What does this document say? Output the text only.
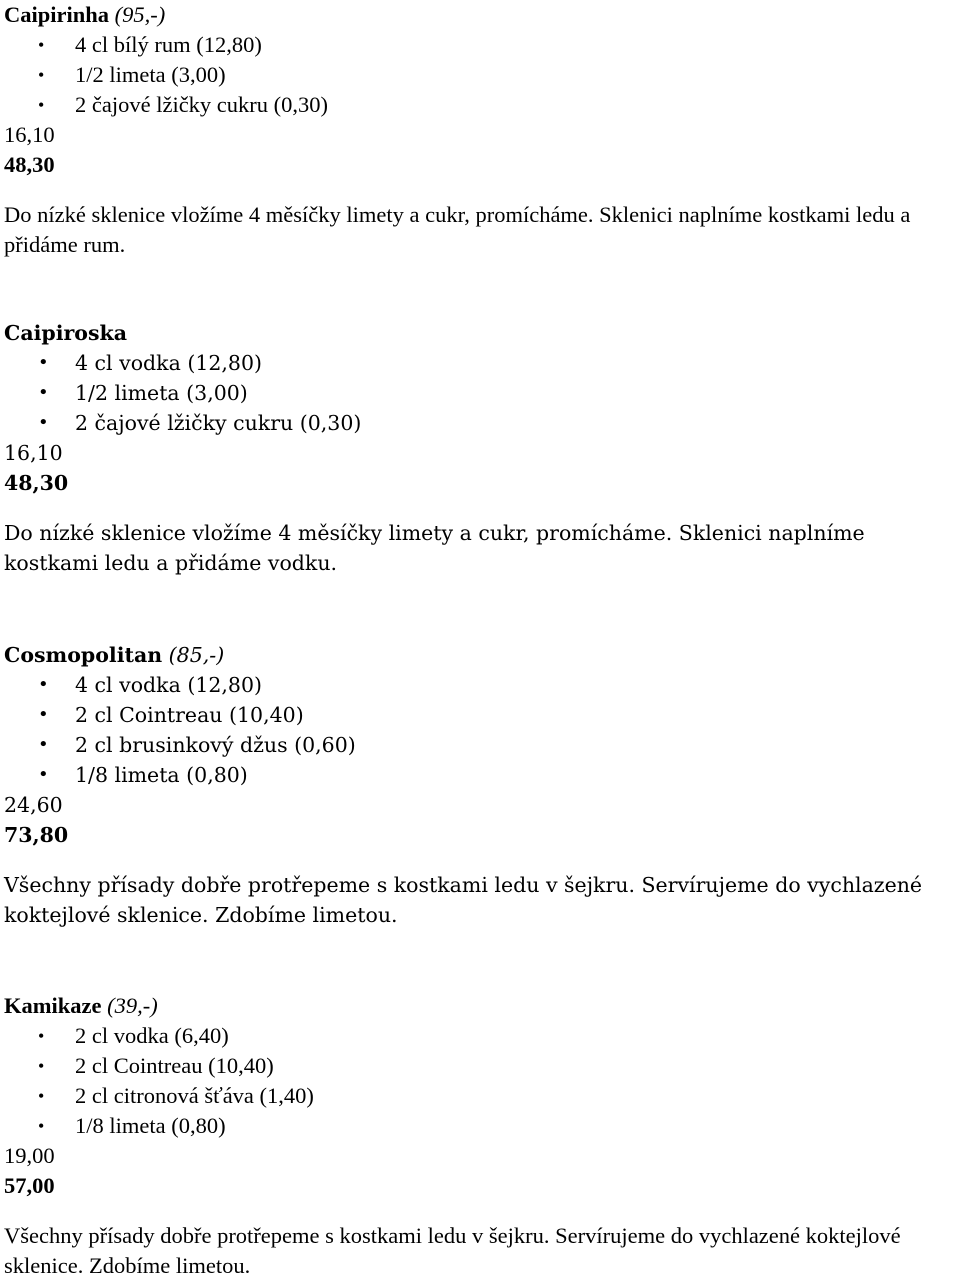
Caipirinha (95,-)
• 4 cl bílý rum (12,80)
• 1/2 limeta (3,00)
• 2 čajové lžičky cukru (0,30)
16,10
48,30
Do nízké sklenice vložíme 4 měsíčky limety a cukr, promícháme. Sklenici naplníme kostkami ledu a přidáme rum.
Caipiroska
• 4 cl vodka (12,80)
• 1/2 limeta (3,00)
• 2 čajové lžičky cukru (0,30)
16,10
48,30
Do nízké sklenice vložíme 4 měsíčky limety a cukr, promícháme. Sklenici naplníme kostkami ledu a přidáme vodku.
Cosmopolitan (85,-)
• 4 cl vodka (12,80)
• 2 cl Cointreau (10,40)
• 2 cl brusinkový džus (0,60)
• 1/8 limeta (0,80)
24,60
73,80
Všechny přísady dobře protřepeme s kostkami ledu v šejkru. Servírujeme do vychlazené koktejlové sklenice. Zdobíme limetou.
Kamikaze (39,-)
• 2 cl vodka (6,40)
• 2 cl Cointreau (10,40)
• 2 cl citronová šťáva (1,40)
• 1/8 limeta (0,80)
19,00
57,00
Všechny přísady dobře protřepeme s kostkami ledu v šejkru. Servírujeme do vychlazené koktejlové sklenice. Zdobíme limetou.
